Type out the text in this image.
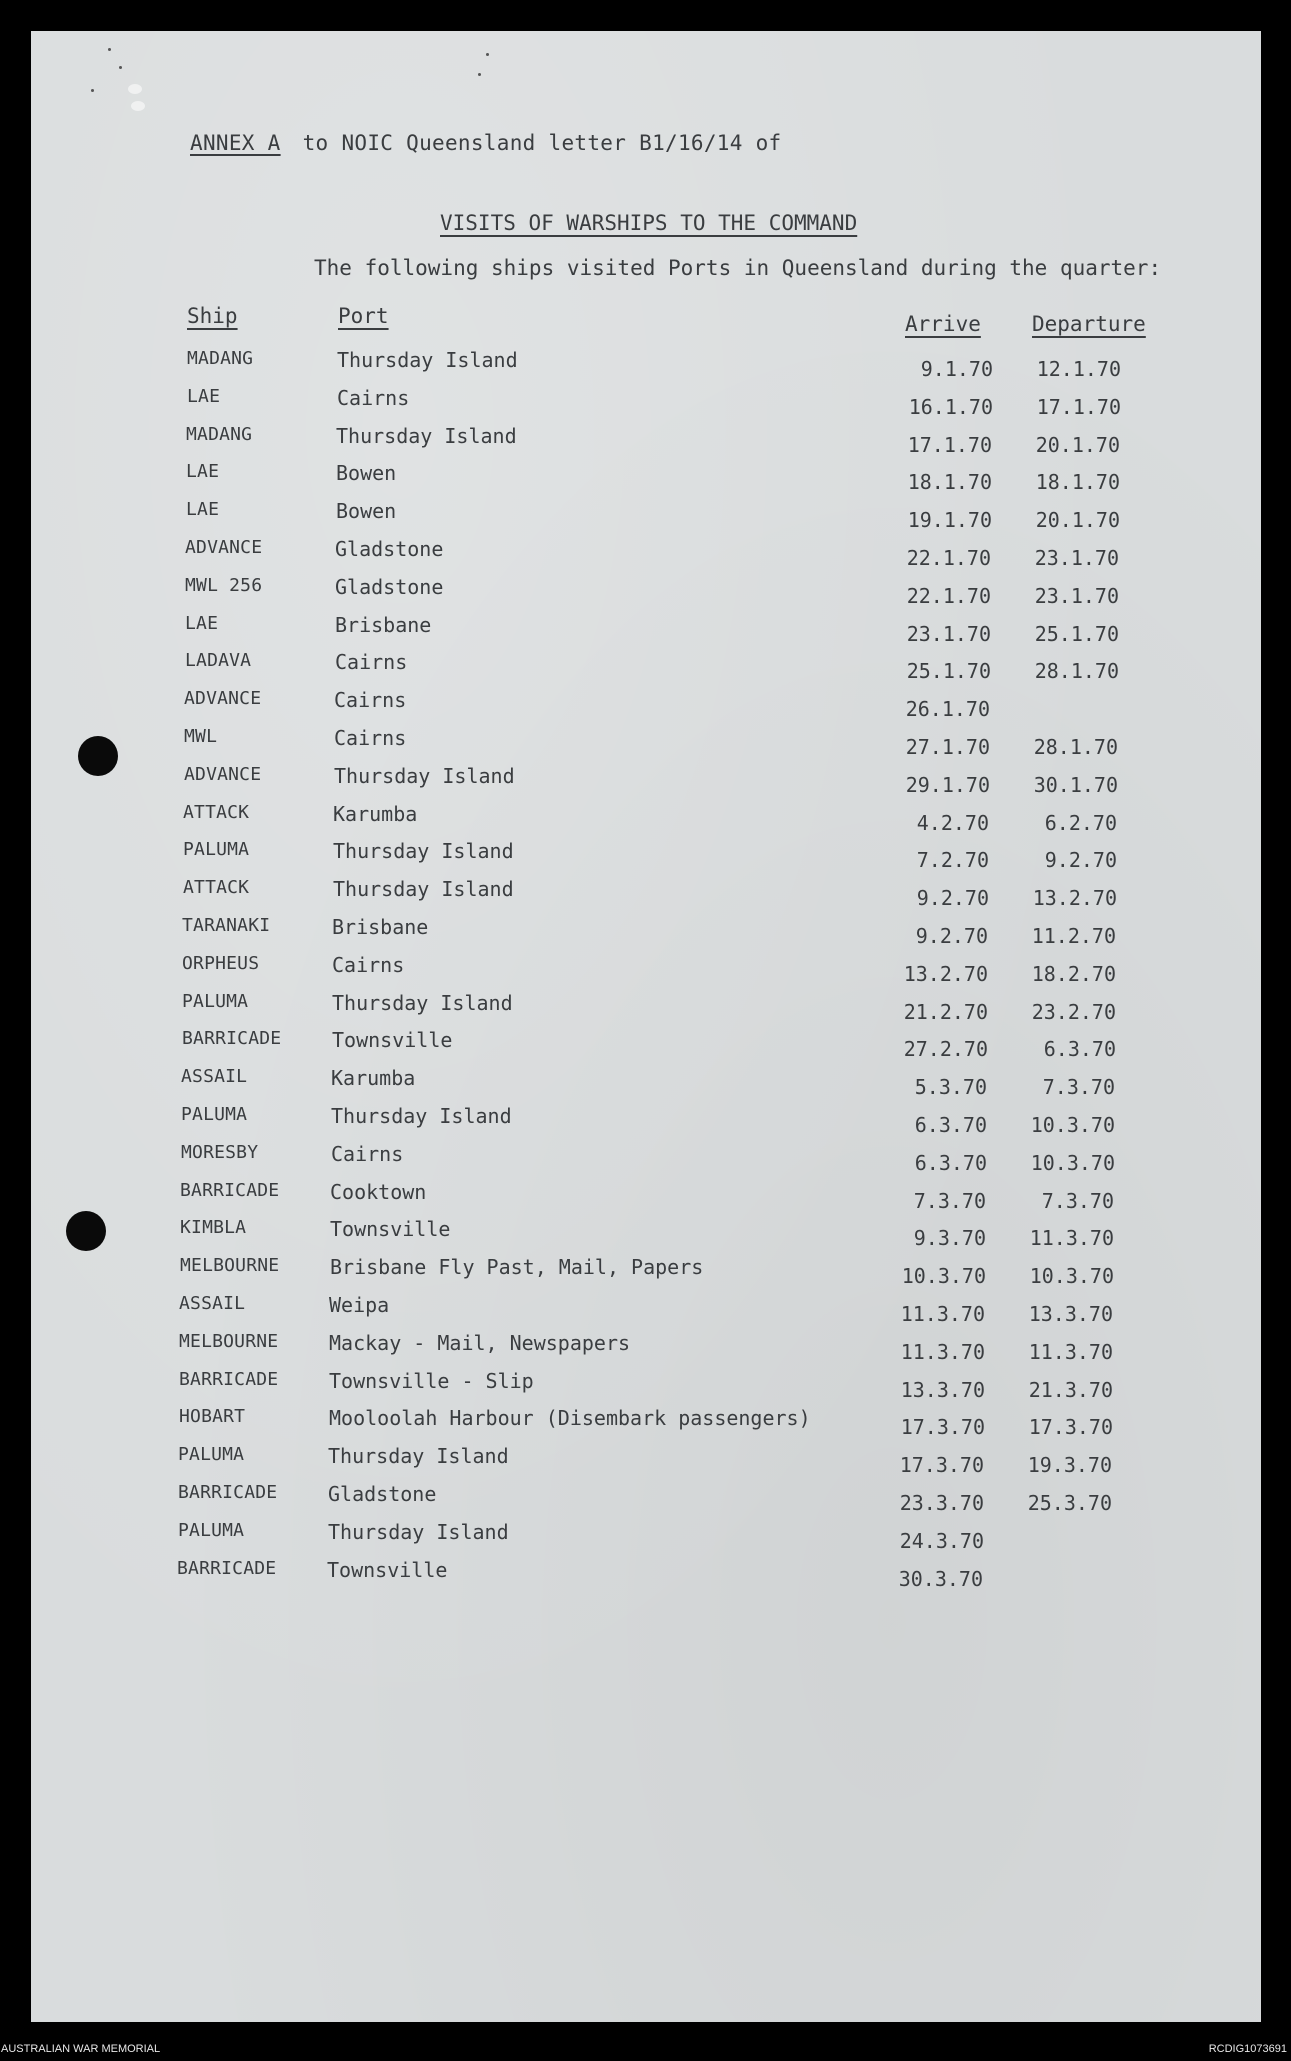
ANNEX A to NOIC Queensland letter B1/16/14 of
VISITS OF WARSHIPS TO THE COMMAND
The following ships visited Ports in Queensland during the quarter:
Ship	Port	Arrive Departure
MADANG	Thursday Island	9.1.70	12.1.70
LAE	Cairns	16.1.70	17.1.70
MADANG	Thursday Island	17.1.70	20.1.70
LAE	Bowen	18.1.70	18.1.70
LAE	Bowen	19.1.70	20.1.70
ADVANCE	Gladstone	22.1.70	23.1.70
MWL 256	Gladstone	22.1.70	23.1.70
LAE	Brisbane	23.1.70	25.1.70
LADAVA	Cairns	25.1.70	28.1.70
ADVANCE	Cairns	26.1.70
MWL	Cairns	27.1.70	28.1.70
ADVANCE	Thursday Island	29.1.70	30.1.70
ATTACK	Karumba	4.2.70	6.2.70
PALUMA	Thursday Island	7.2.70	9.2.70
ATTACK	Thursday Island	9.2.70	13.2.70
TARANAKI	Brisbane	9.2.70	11.2.70
ORPHEUS	Cairns	13.2.70	18.2.70
PALUMA	Thursday Island	21.2.70	23.2.70
BARRICADE	Townsville	27.2.70	6.3.70
ASSAIL	Karumba	5.3.70	7.3.70
PALUMA	Thursday Island	6.3.70	10.3.70
MORESBY	Cairns	6.3.70	10.3.70
BARRICADE	Cooktown	7.3.70	7.3.70
KIMBLA	Townsville	9.3.70	11.3.70
MELBOURNE	Brisbane Fly Past, Mail, Papers	10.3.70	10.3.70
ASSAIL	Weipa	11.3.70	13.3.70
MELBOURNE	Mackay - Mail, Newspapers	11.3.70	11.3.70
BARRICADE	Townsville - Slip	13.3.70	21.3.70
HOBART	Mooloolah Harbour (Disembark passengers)	17.3.70	17.3.70
PALUMA	Thursday Island	17.3.70	19.3.70
BARRICADE	Gladstone	23.3.70	25.3.70
PALUMA	Thursday Island	24.3.70
BARRICADE	Townsville	30.3.70
AUSTRALIAN WAR MEMORIAL	RCDIG1073691
